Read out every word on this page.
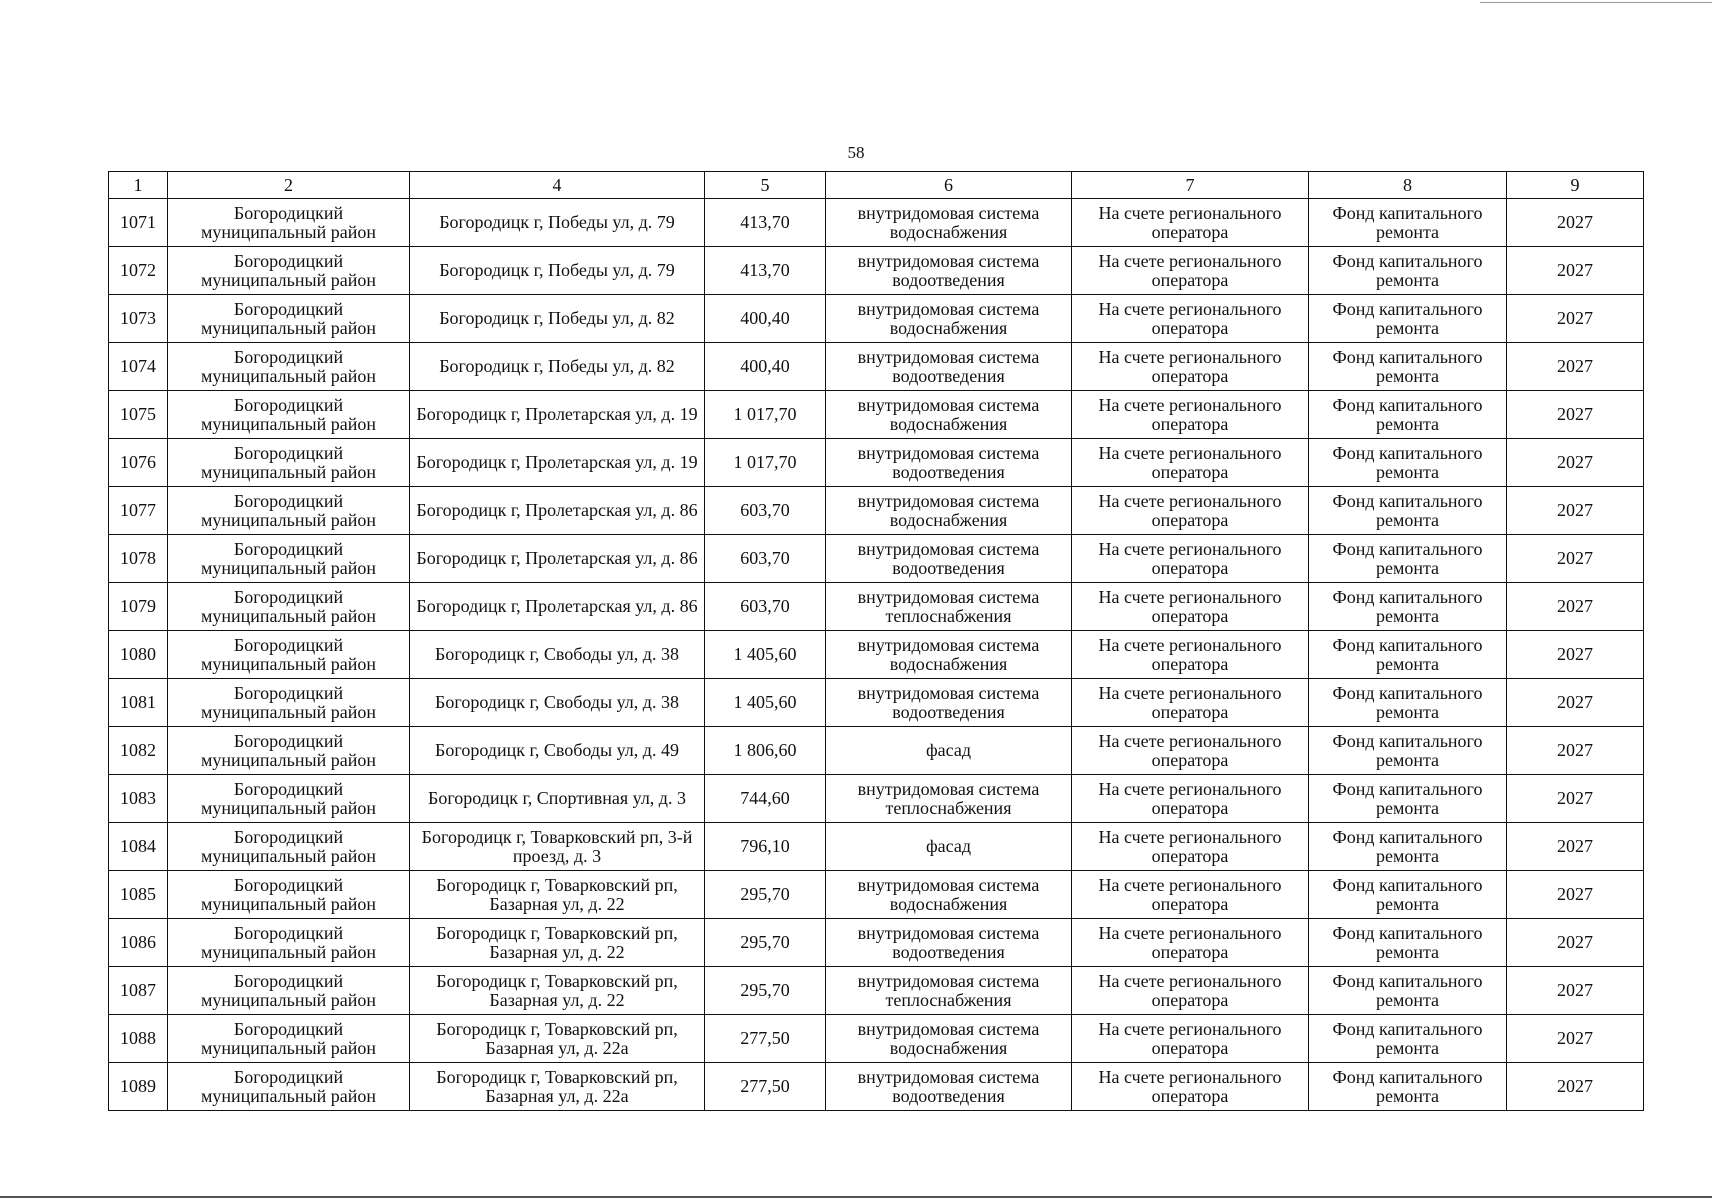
58
1	2	4	5	6	7	8	9
1071	Богородицкий муниципальный район	Богородицк г, Победы ул, д. 79	413,70	внутридомовая система водоснабжения	На счете регионального оператора	Фонд капитального ремонта	2027
1072	Богородицкий муниципальный район	Богородицк г, Победы ул, д. 79	413,70	внутридомовая система водоотведения	На счете регионального оператора	Фонд капитального ремонта	2027
1073	Богородицкий муниципальный район	Богородицк г, Победы ул, д. 82	400,40	внутридомовая система водоснабжения	На счете регионального оператора	Фонд капитального ремонта	2027
1074	Богородицкий муниципальный район	Богородицк г, Победы ул, д. 82	400,40	внутридомовая система водоотведения	На счете регионального оператора	Фонд капитального ремонта	2027
1075	Богородицкий муниципальный район	Богородицк г, Пролетарская ул, д. 19	1 017,70	внутридомовая система водоснабжения	На счете регионального оператора	Фонд капитального ремонта	2027
1076	Богородицкий муниципальный район	Богородицк г, Пролетарская ул, д. 19	1 017,70	внутридомовая система водоотведения	На счете регионального оператора	Фонд капитального ремонта	2027
1077	Богородицкий муниципальный район	Богородицк г, Пролетарская ул, д. 86	603,70	внутридомовая система водоснабжения	На счете регионального оператора	Фонд капитального ремонта	2027
1078	Богородицкий муниципальный район	Богородицк г, Пролетарская ул, д. 86	603,70	внутридомовая система водоотведения	На счете регионального оператора	Фонд капитального ремонта	2027
1079	Богородицкий муниципальный район	Богородицк г, Пролетарская ул, д. 86	603,70	внутридомовая система теплоснабжения	На счете регионального оператора	Фонд капитального ремонта	2027
1080	Богородицкий муниципальный район	Богородицк г, Свободы ул, д. 38	1 405,60	внутридомовая система водоснабжения	На счете регионального оператора	Фонд капитального ремонта	2027
1081	Богородицкий муниципальный район	Богородицк г, Свободы ул, д. 38	1 405,60	внутридомовая система водоотведения	На счете регионального оператора	Фонд капитального ремонта	2027
1082	Богородицкий муниципальный район	Богородицк г, Свободы ул, д. 49	1 806,60	фасад	На счете регионального оператора	Фонд капитального ремонта	2027
1083	Богородицкий муниципальный район	Богородицк г, Спортивная ул, д. 3	744,60	внутридомовая система теплоснабжения	На счете регионального оператора	Фонд капитального ремонта	2027
1084	Богородицкий муниципальный район	Богородицк г, Товарковский рп, 3-й проезд, д. 3	796,10	фасад	На счете регионального оператора	Фонд капитального ремонта	2027
1085	Богородицкий муниципальный район	Богородицк г, Товарковский рп, Базарная ул, д. 22	295,70	внутридомовая система водоснабжения	На счете регионального оператора	Фонд капитального ремонта	2027
1086	Богородицкий муниципальный район	Богородицк г, Товарковский рп, Базарная ул, д. 22	295,70	внутридомовая система водоотведения	На счете регионального оператора	Фонд капитального ремонта	2027
1087	Богородицкий муниципальный район	Богородицк г, Товарковский рп, Базарная ул, д. 22	295,70	внутридомовая система теплоснабжения	На счете регионального оператора	Фонд капитального ремонта	2027
1088	Богородицкий муниципальный район	Богородицк г, Товарковский рп, Базарная ул, д. 22а	277,50	внутридомовая система водоснабжения	На счете регионального оператора	Фонд капитального ремонта	2027
1089	Богородицкий муниципальный район	Богородицк г, Товарковский рп, Базарная ул, д. 22а	277,50	внутридомовая система водоотведения	На счете регионального оператора	Фонд капитального ремонта	2027
